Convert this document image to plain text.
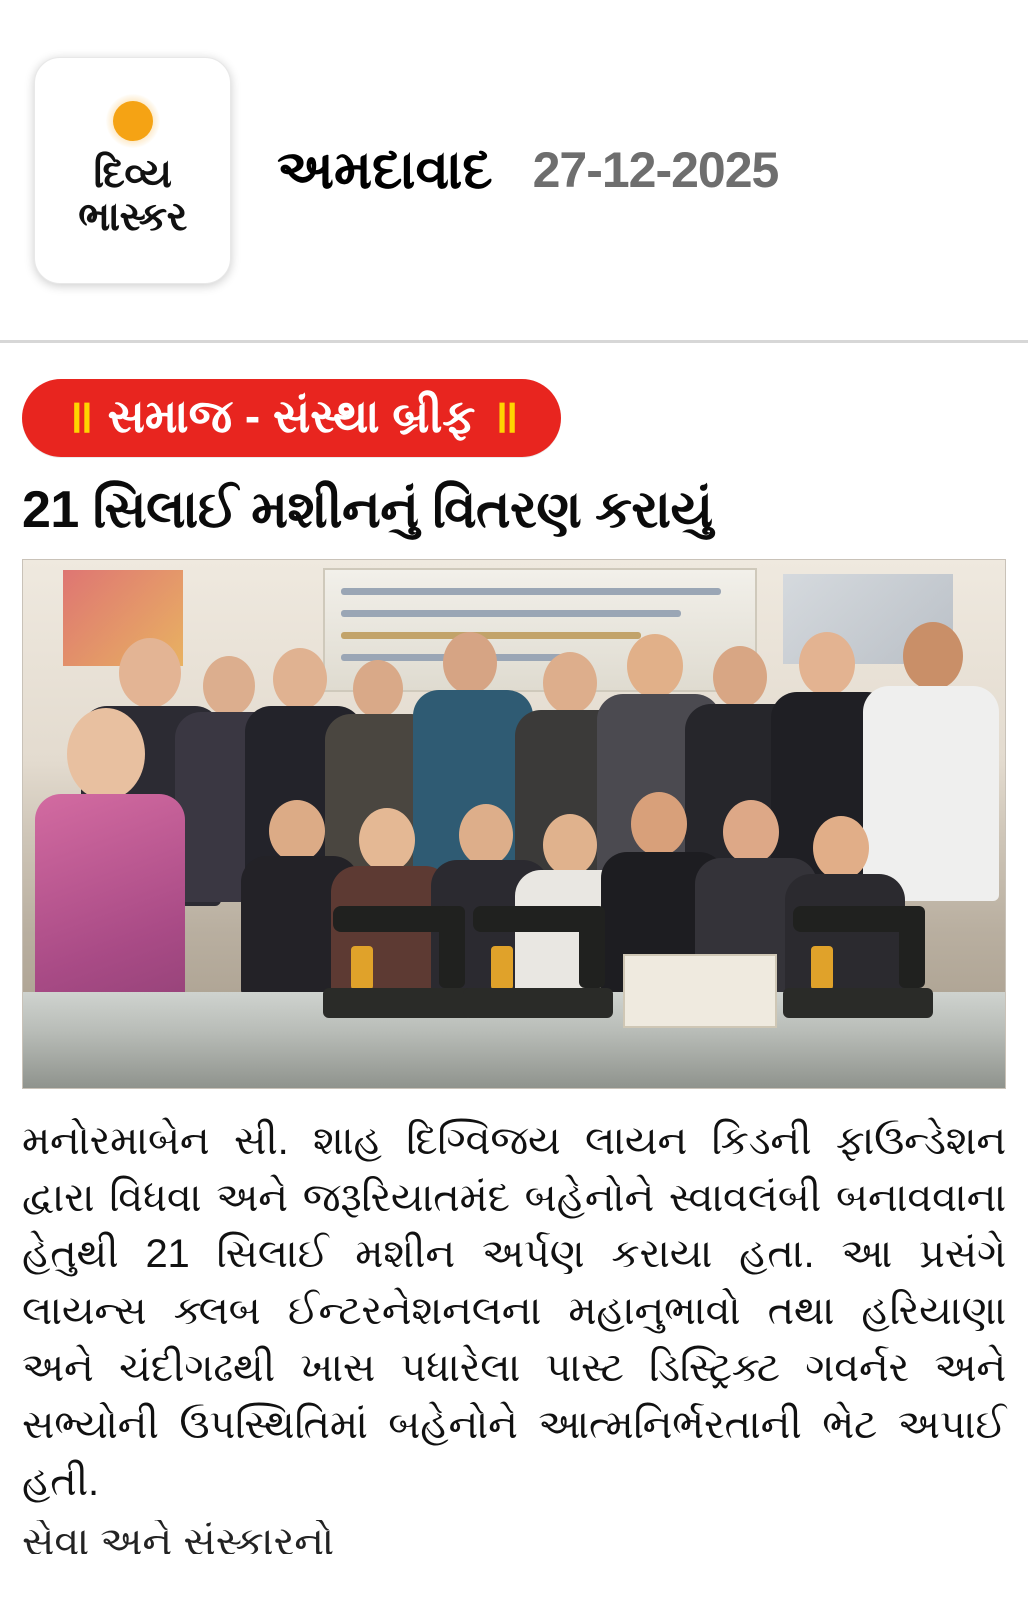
દિવ્ય
ભાસ્કર
અમદાવાદ 27-12-2025
॥ સમાજ - સંસ્થા બ્રીફ ॥
21 સિલાઈ મશીનનું વિતરણ કરાયું
મનોરમાબેન સી. શાહ દિગ્વિજય લાયન કિડની ફાઉન્ડેશન દ્વારા વિધવા અને જરૂરિયાતમંદ બહેનોને સ્વાવલંબી બનાવવાના હેતુથી 21 સિલાઈ મશીન અર્પણ કરાયા હતા. આ પ્રસંગે લાયન્સ ક્લબ ઈન્ટરનેશનલના મહાનુભાવો તથા હરિયાણા અને ચંદીગઢથી ખાસ પધારેલા પાસ્ટ ડિસ્ટ્રિક્ટ ગવર્નર અને સભ્યોની ઉપસ્થિતિમાં બહેનોને આત્મનિર્ભરતાની ભેટ અપાઈ હતી.
સેવા અને સંસ્કારનો
